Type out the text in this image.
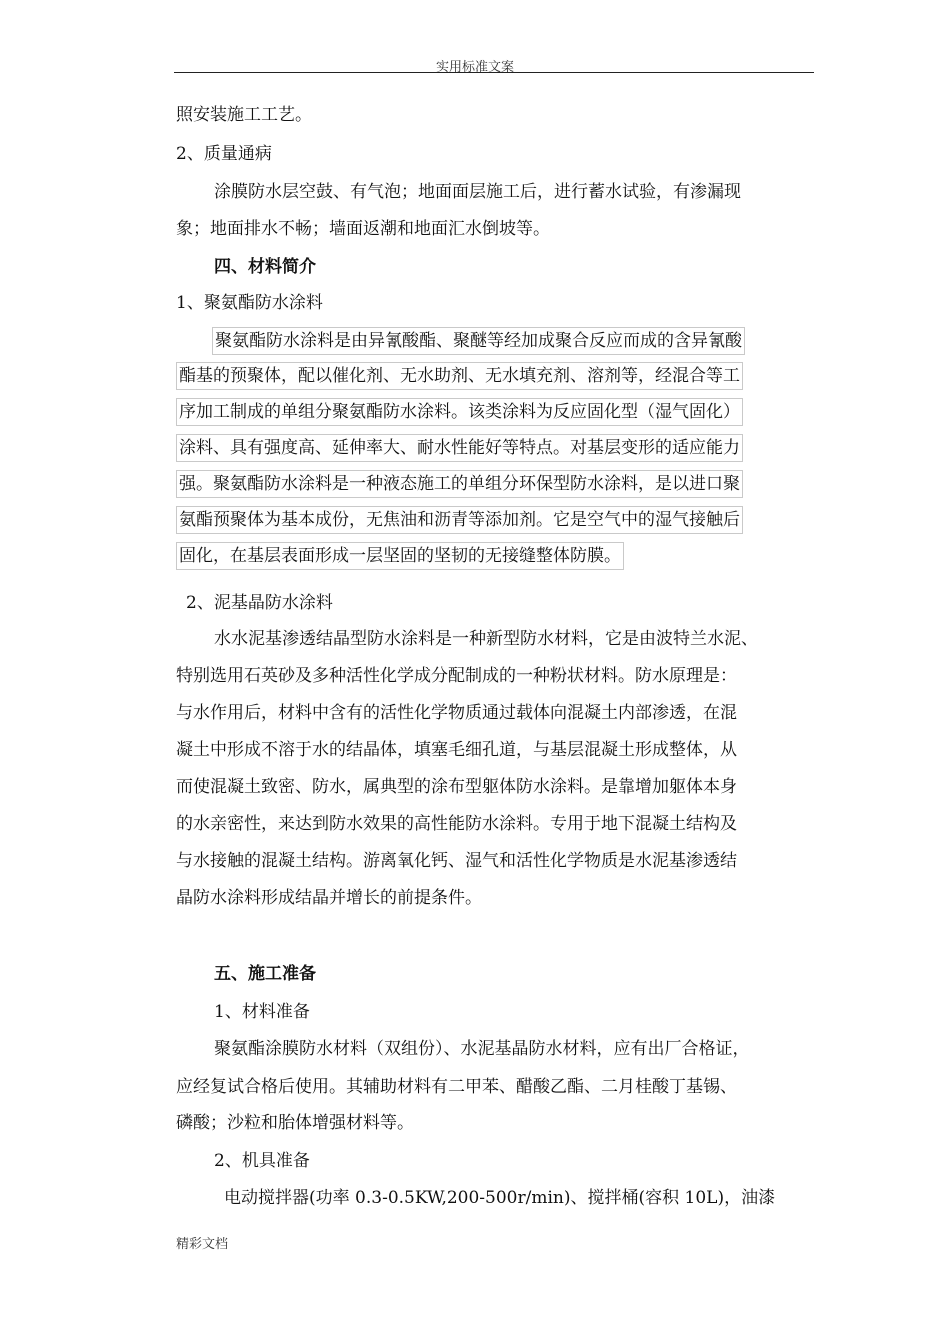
实用标准文案
照安装施工工艺。
2、质量通病
涂膜防水层空鼓、有气泡；地面面层施工后，进行蓄水试验，有渗漏现
象；地面排水不畅；墙面返潮和地面汇水倒坡等。
四、材料简介
1、聚氨酯防水涂料
聚氨酯防水涂料是由异氰酸酯、聚醚等经加成聚合反应而成的含异氰酸
酯基的预聚体，配以催化剂、无水助剂、无水填充剂、溶剂等，经混合等工
序加工制成的单组分聚氨酯防水涂料。该类涂料为反应固化型（湿气固化）
涂料、具有强度高、延伸率大、耐水性能好等特点。对基层变形的适应能力
强。聚氨酯防水涂料是一种液态施工的单组分环保型防水涂料，是以进口聚
氨酯预聚体为基本成份，无焦油和沥青等添加剂。它是空气中的湿气接触后
固化，在基层表面形成一层坚固的坚韧的无接缝整体防膜。
2、泥基晶防水涂料
水水泥基渗透结晶型防水涂料是一种新型防水材料，它是由波特兰水泥、
特别选用石英砂及多种活性化学成分配制成的一种粉状材料。防水原理是：
与水作用后，材料中含有的活性化学物质通过载体向混凝土内部渗透，在混
凝土中形成不溶于水的结晶体，填塞毛细孔道，与基层混凝土形成整体，从
而使混凝土致密、防水，属典型的涂布型躯体防水涂料。是靠增加躯体本身
的水亲密性，来达到防水效果的高性能防水涂料。专用于地下混凝土结构及
与水接触的混凝土结构。游离氧化钙、湿气和活性化学物质是水泥基渗透结
晶防水涂料形成结晶并增长的前提条件。
五、施工准备
1、材料准备
聚氨酯涂膜防水材料（双组份）、水泥基晶防水材料，应有出厂合格证，
应经复试合格后使用。其辅助材料有二甲苯、醋酸乙酯、二月桂酸丁基锡、
磷酸；沙粒和胎体增强材料等。
2、机具准备
电动搅拌器(功率 0.3-0.5KW,200-500r/min)、搅拌桶(容积 10L)，油漆
精彩文档
